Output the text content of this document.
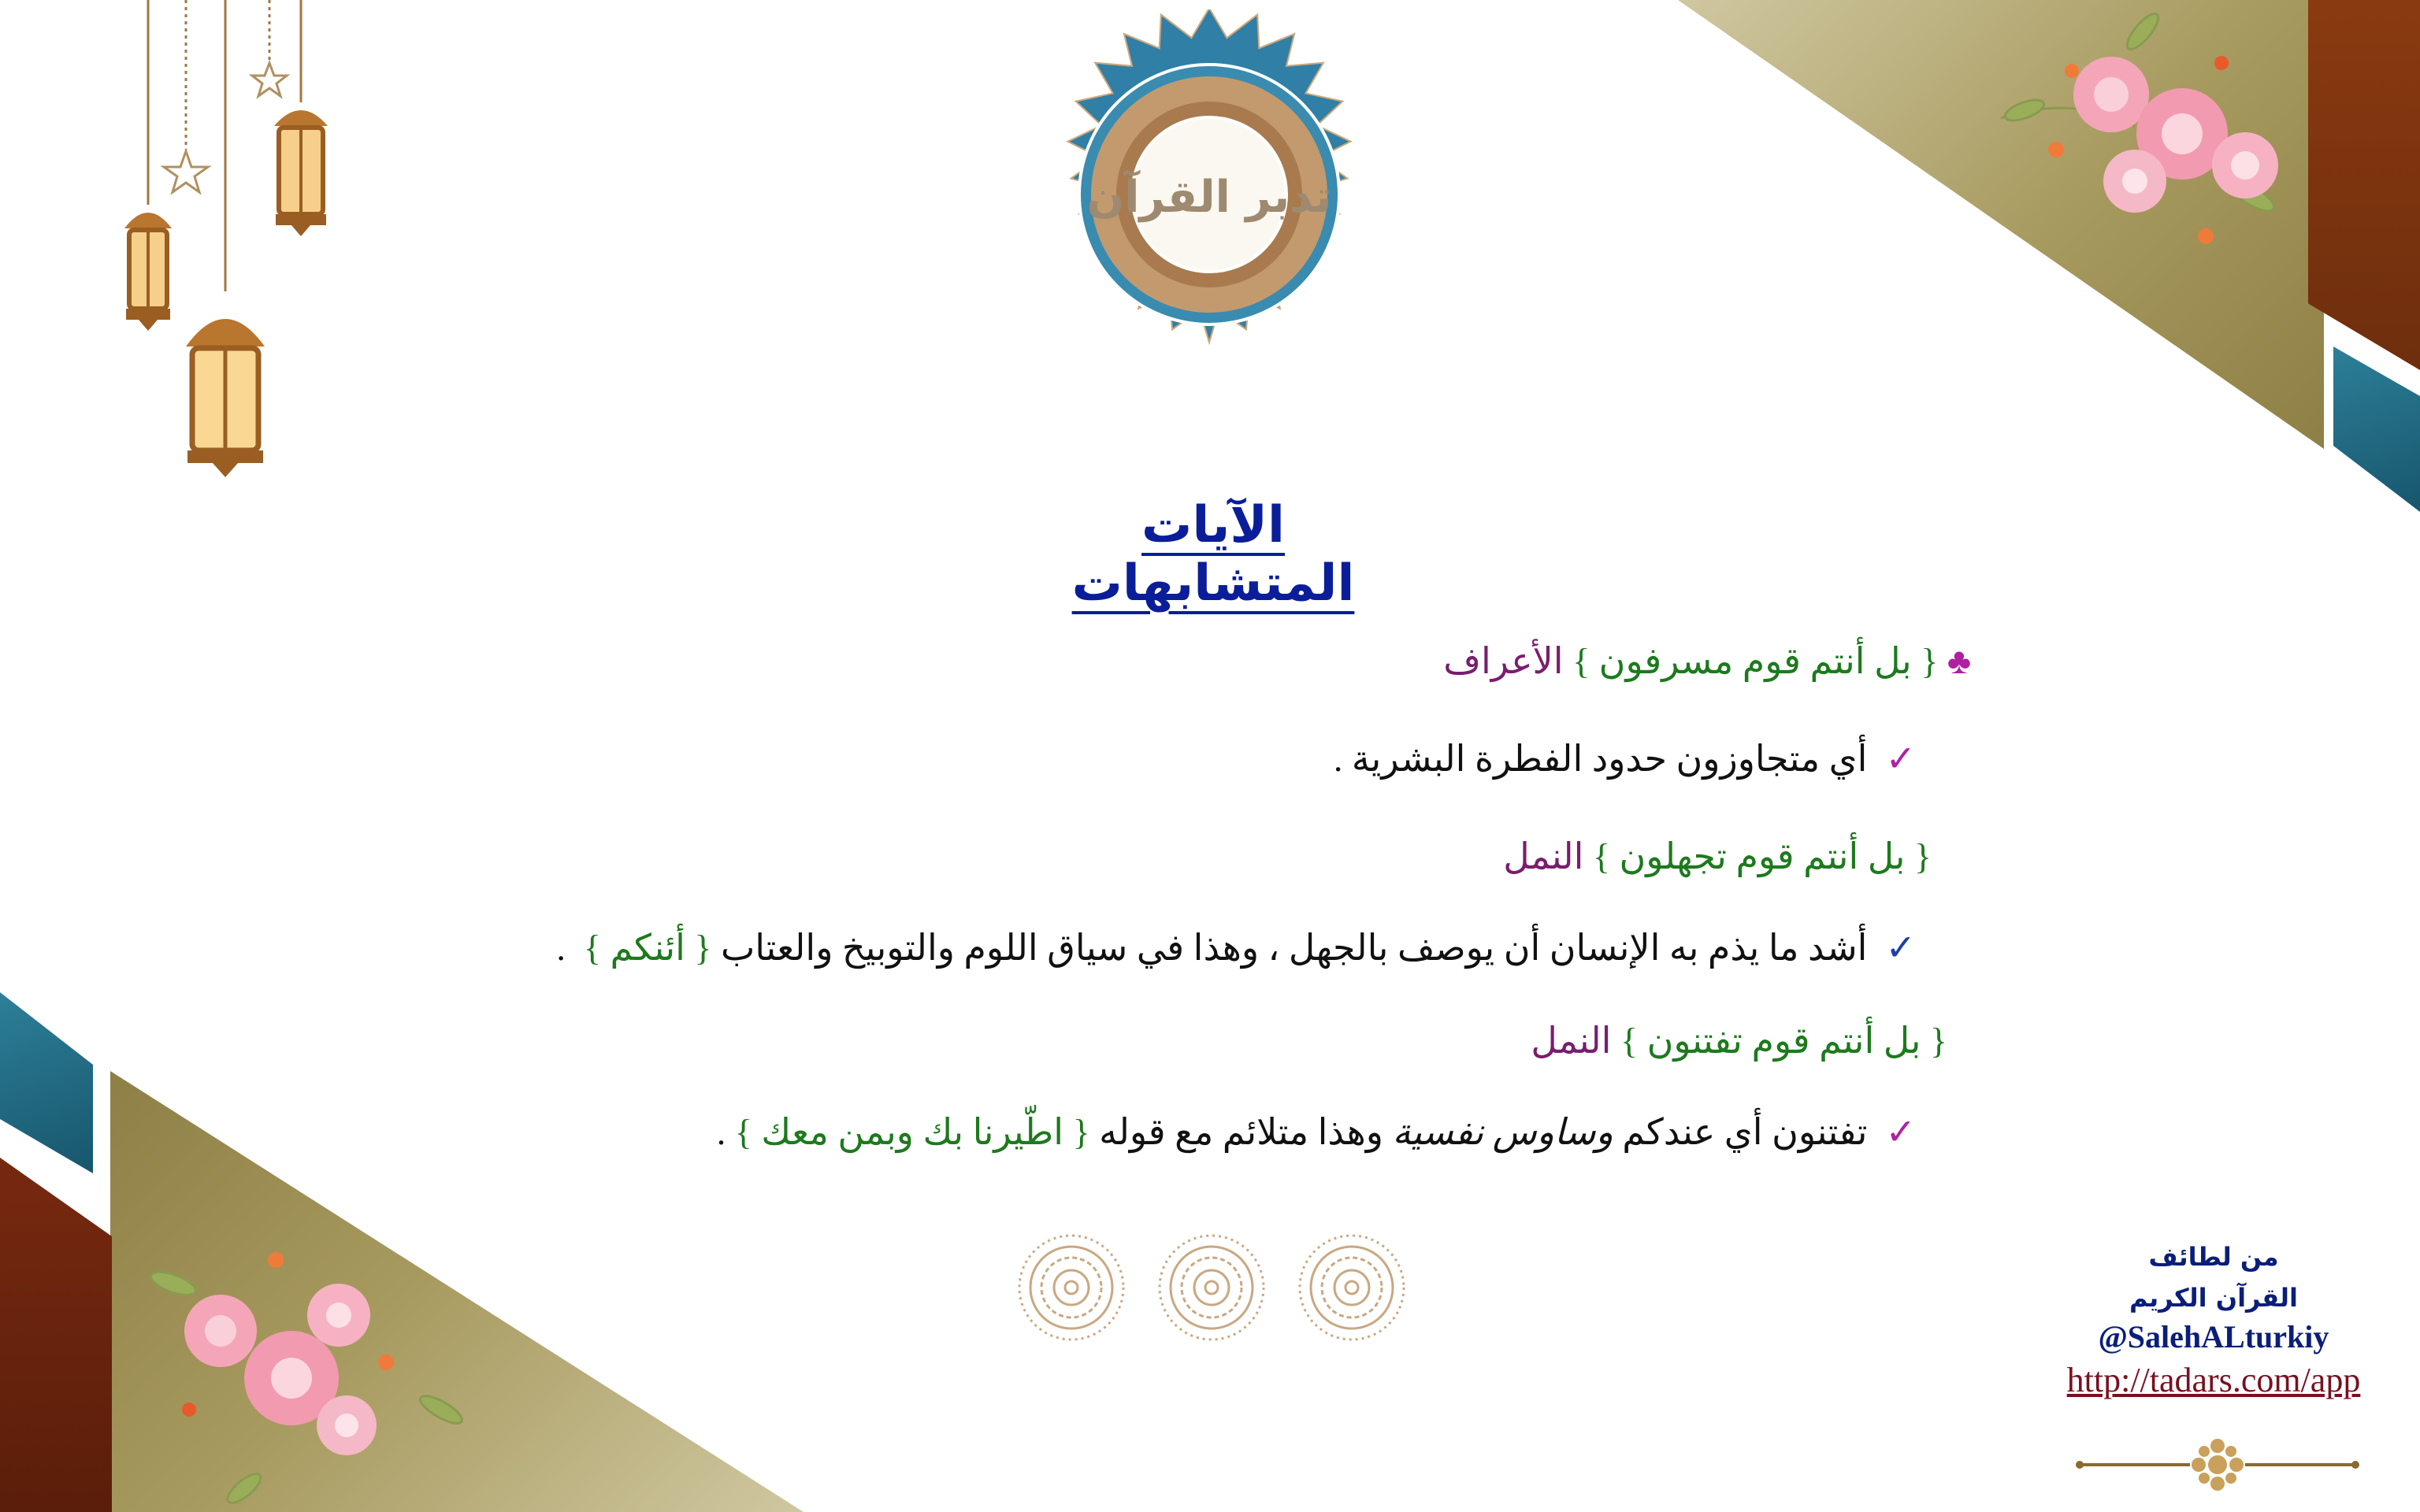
تدبر القرآن
الآيات المتشابهات
♣ { بل أنتم قوم مسرفون } الأعراف
✓  أي متجاوزون حدود الفطرة البشرية .
{ بل أنتم قوم تجهلون } النمل
✓  أشد ما يذم به الإنسان أن يوصف بالجهل ، وهذا في سياق اللوم والتوبيخ والعتاب { أئنكم }  .
{ بل أنتم قوم تفتنون } النمل
✓  تفتنون أي عندكم وساوس نفسية وهذا متلائم مع قوله { اطّيرنا بك وبمن معك } .
من لطائف
القرآن الكريم
@SalehALturkiy
http://tadars.com/app
